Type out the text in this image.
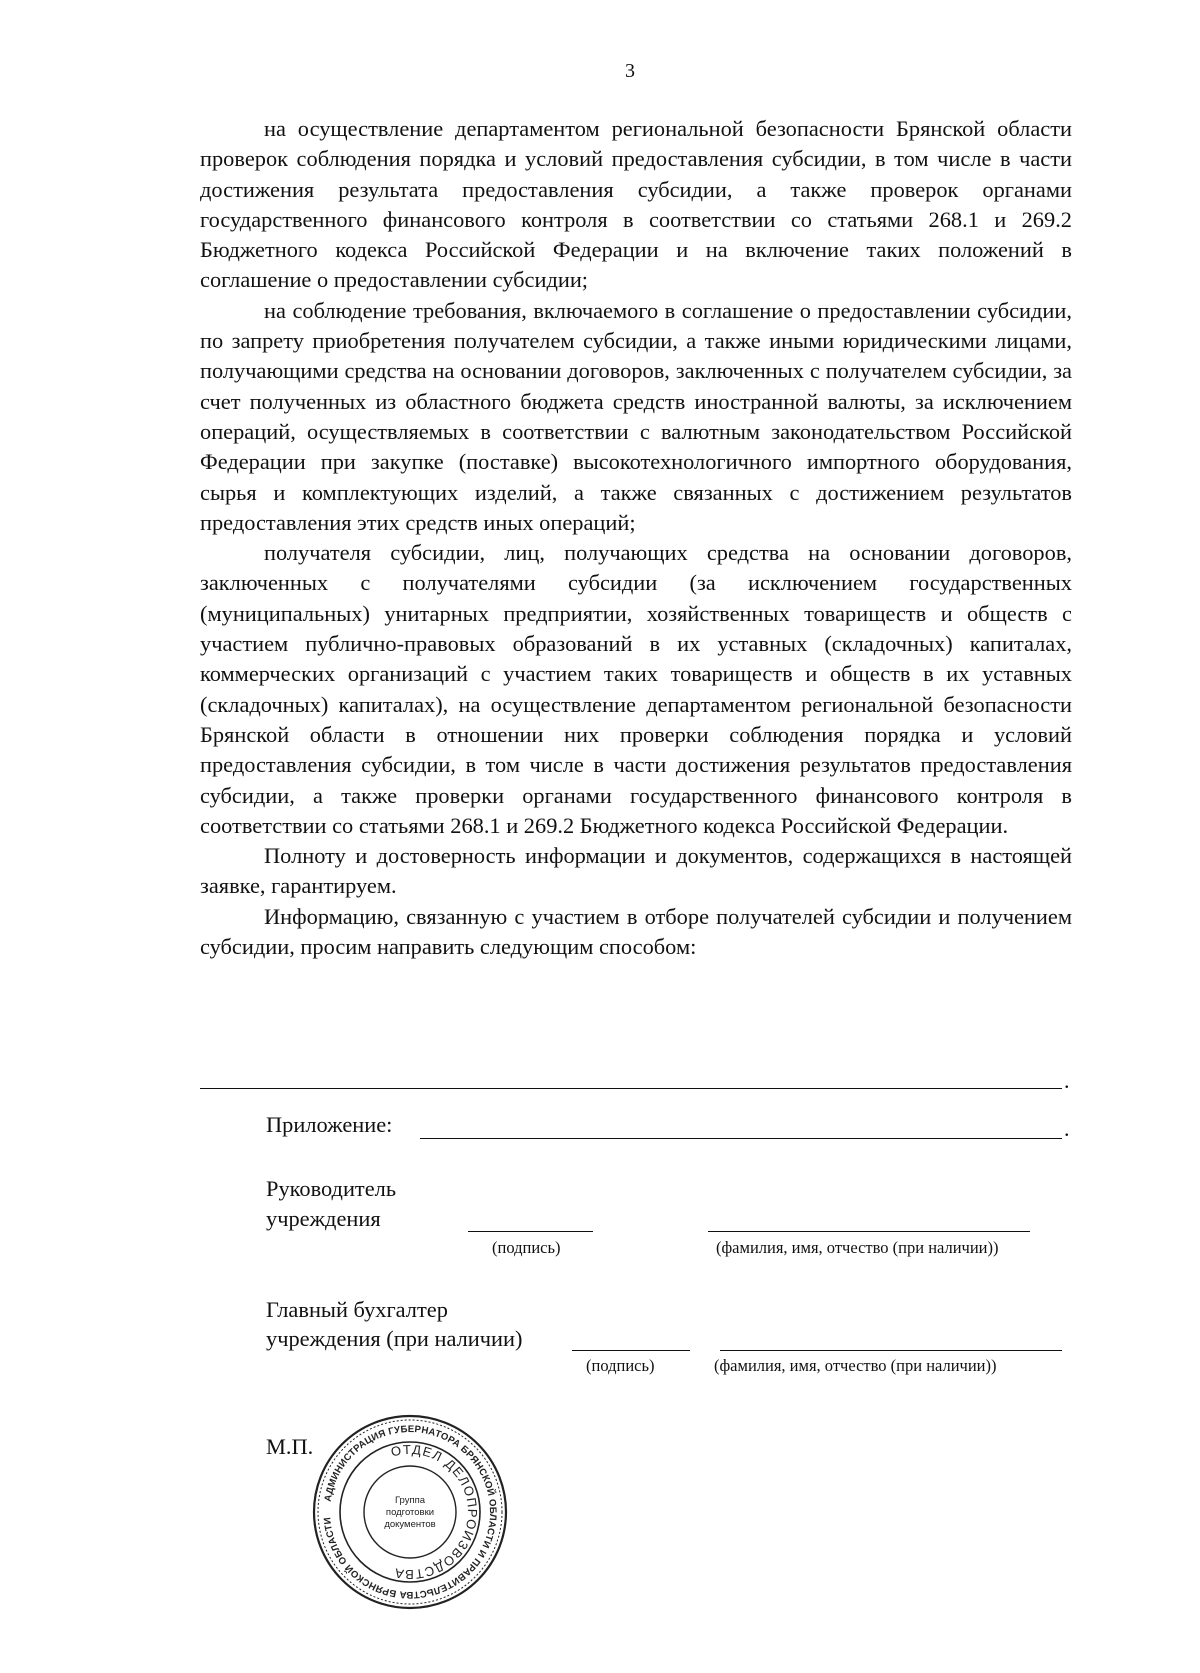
3

на осуществление департаментом региональной безопасности Брянской области проверок соблюдения порядка и условий предоставления субсидии, в том числе в части достижения результата предоставления субсидии, а также проверок органами государственного финансового контроля в соответствии со статьями 268.1 и 269.2 Бюджетного кодекса Российской Федерации и на включение таких положений в соглашение о предоставлении субсидии;

на соблюдение требования, включаемого в соглашение о предоставлении субсидии, по запрету приобретения получателем субсидии, а также иными юридическими лицами, получающими средства на основании договоров, заключенных с получателем субсидии, за счет полученных из областного бюджета средств иностранной валюты, за исключением операций, осуществляемых в соответствии с валютным законодательством Российской Федерации при закупке (поставке) высокотехнологичного импортного оборудования, сырья и комплектующих изделий, а также связанных с достижением результатов предоставления этих средств иных операций;

получателя субсидии, лиц, получающих средства на основании договоров, заключенных с получателями субсидии (за исключением государственных (муниципальных) унитарных предприятии, хозяйственных товариществ и обществ с участием публично-правовых образований в их уставных (складочных) капиталах, коммерческих организаций с участием таких товариществ и обществ в их уставных (складочных) капиталах), на осуществление департаментом региональной безопасности Брянской области в отношении них проверки соблюдения порядка и условий предоставления субсидии, в том числе в части достижения результатов предоставления субсидии, а также проверки органами государственного финансового контроля в соответствии со статьями 268.1 и 269.2 Бюджетного кодекса Российской Федерации.

Полноту и достоверность информации и документов, содержащихся в настоящей заявке, гарантируем.

Информацию, связанную с участием в отборе получателей субсидии и получением субсидии, просим направить следующим способом:

.
Приложение:	.
Руководитель
учреждения
(подпись)	(фамилия, имя, отчество (при наличии))
Главный бухгалтер
учреждения (при наличии)
(подпись)	(фамилия, имя, отчество (при наличии))
М.П.
АДМИНИСТРАЦИЯ ГУБЕРНАТОРА БРЯНСКОЙ ОБЛАСТИ И ПРАВИТЕЛЬСТВА БРЯНСКОЙ ОБЛАСТИ
ОТДЕЛ ДЕЛОПРОИЗВОДСТВА
Группа
подготовки
документов
